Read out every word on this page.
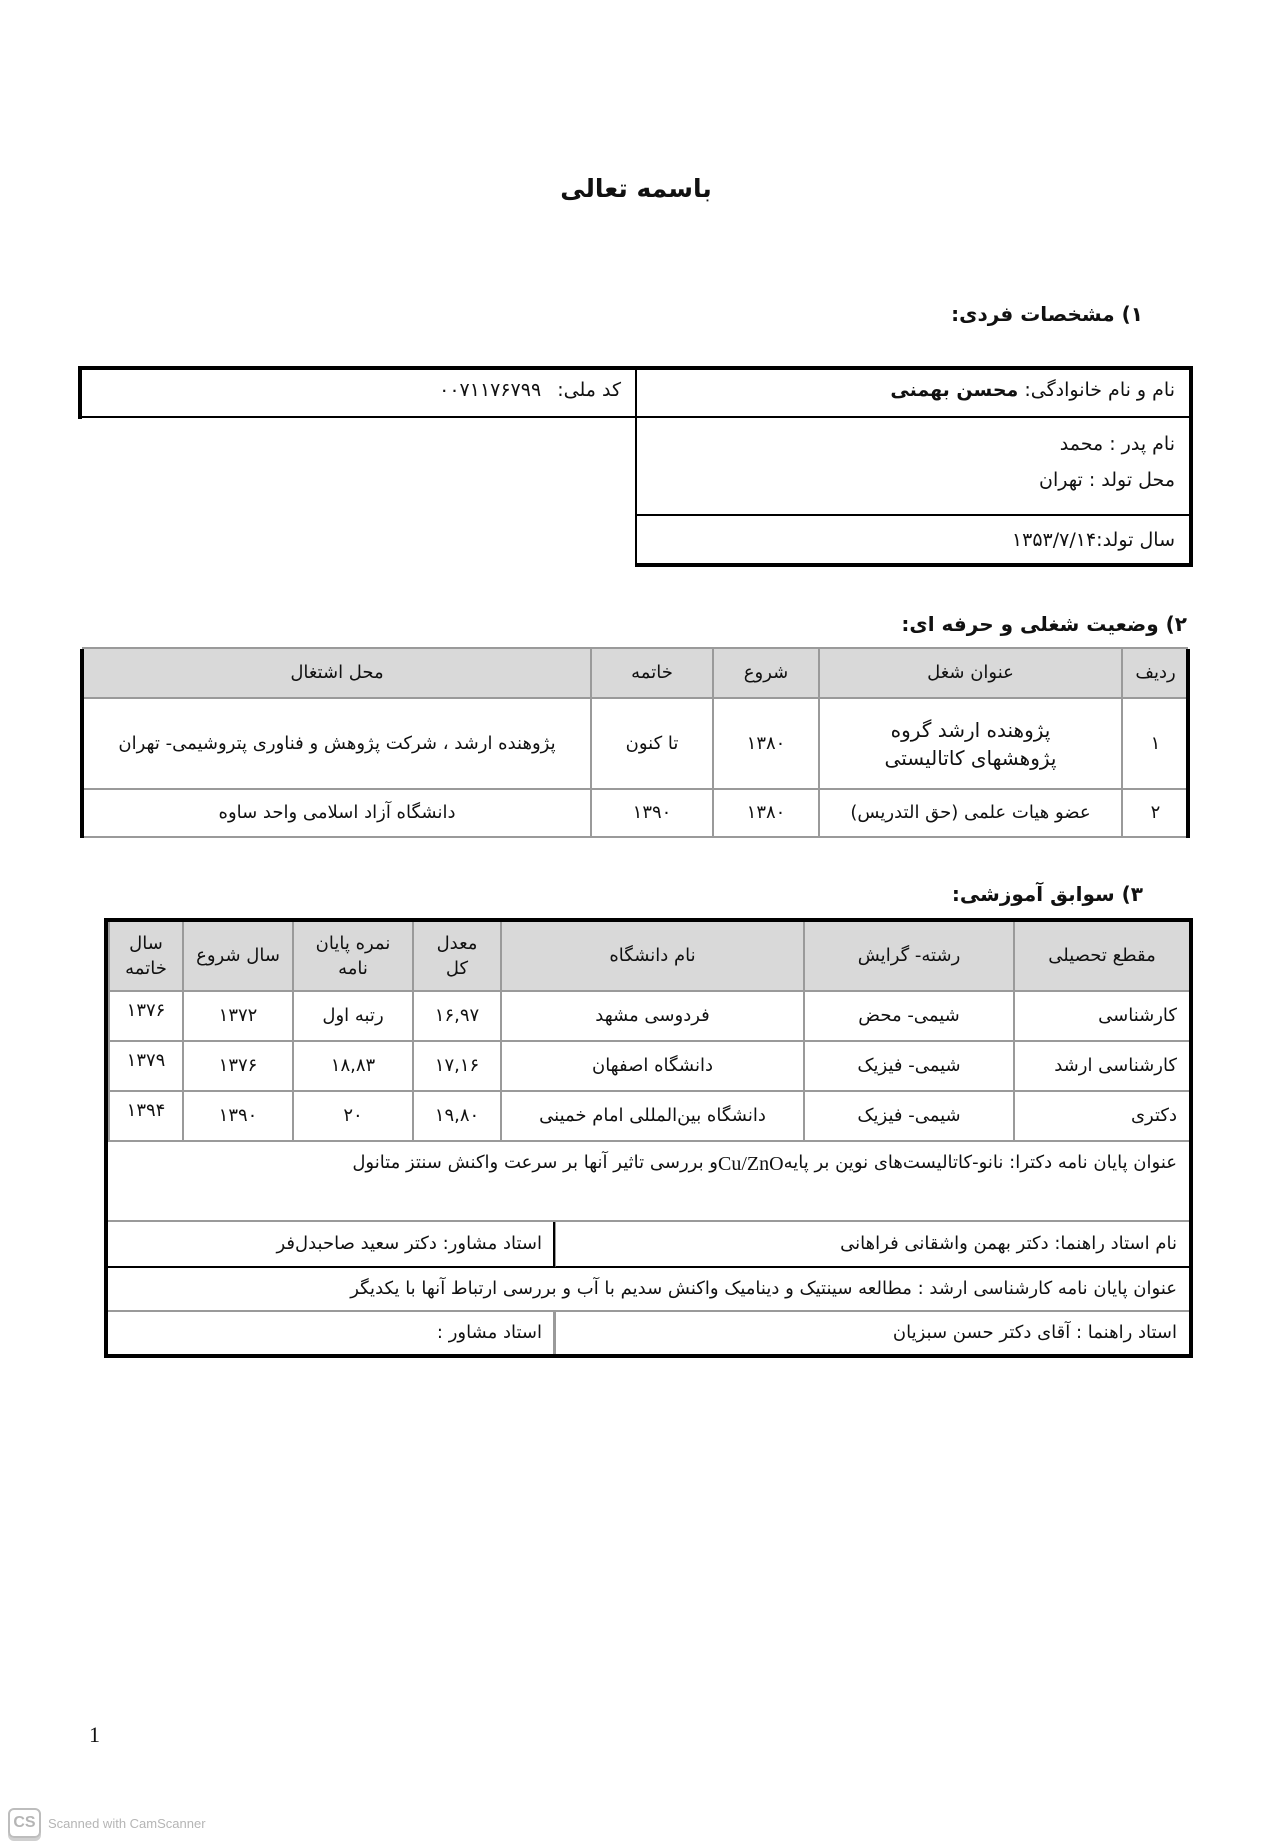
باسمه تعالی
۱) مشخصات فردی:
کد ملی: ۰۰۷۱۱۷۶۷۹۹	نام و نام خانوادگی: محسن بهمنی
نام پدر : محمد
محل تولد : تهران
سال تولد:۱۳۵۳/۷/۱۴
۲) وضعیت شغلی و حرفه ای:
ردیف
عنوان شغل
شروع
خاتمه
محل اشتغال
۱
پژوهنده ارشد گروه پژوهشهای کاتالیستی
۱۳۸۰
تا کنون
پژوهنده ارشد ، شرکت پژوهش و فناوری پتروشیمی- تهران
۲
عضو هیات علمی (حق التدریس)
۱۳۸۰
۱۳۹۰
دانشگاه آزاد اسلامی واحد ساوه
۳) سوابق آموزشی:
مقطع تحصیلی
رشته- گرایش
نام دانشگاه
معدل کل
نمره پایان نامه
سال شروع
سال خاتمه
کارشناسی
شیمی- محض
فردوسی مشهد
۱۶,۹۷
رتبه اول
۱۳۷۲
۱۳۷۶
کارشناسی ارشد
شیمی- فیزیک
دانشگاه اصفهان
۱۷,۱۶
۱۸,۸۳
۱۳۷۶
۱۳۷۹
دکتری
شیمی- فیزیک
دانشگاه بین‌المللی امام خمینی
۱۹,۸۰
۲۰
۱۳۹۰
۱۳۹۴
عنوان پایان نامه دکترا: نانو-کاتالیست‌های نوین بر پایه
Cu/ZnO
و بررسی تاثیر آنها بر سرعت واکنش سنتز متانول
نام استاد راهنما: دکتر بهمن واشقانی فراهانی
استاد مشاور: دکتر سعید صاحبدل‌فر
عنوان پایان نامه کارشناسی ارشد : مطالعه سینتیک و دینامیک واکنش سدیم با آب و بررسی ارتباط آنها با یکدیگر
استاد راهنما : آقای دکتر حسن سبزیان
استاد مشاور :
1
CS Scanned with CamScanner
